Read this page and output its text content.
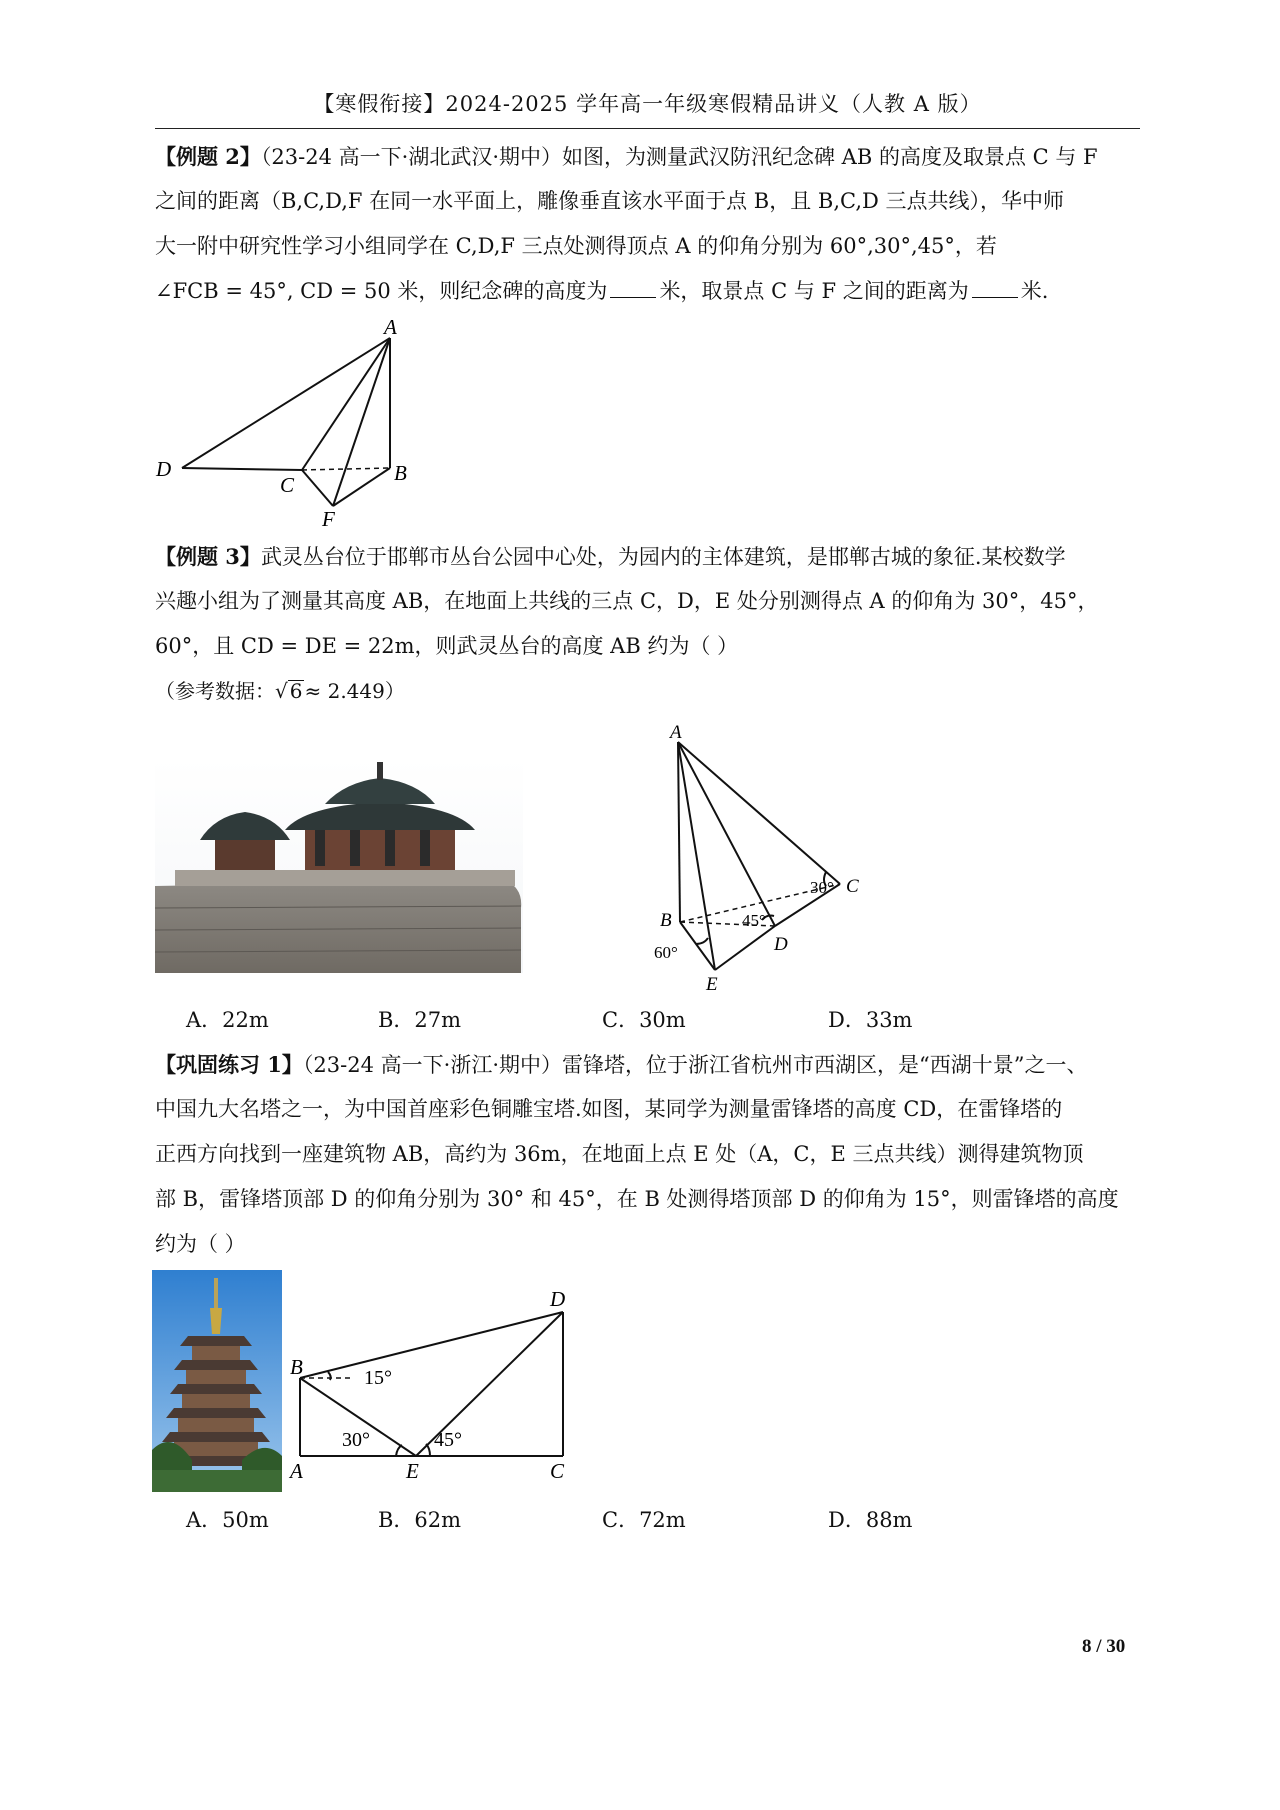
【寒假衔接】2024-2025 学年高一年级寒假精品讲义（人教 A 版）
【例题 2】（23-24 高一下·湖北武汉·期中）如图，为测量武汉防汛纪念碑 AB 的高度及取景点 C 与 F
之间的距离（B,C,D,F 在同一水平面上，雕像垂直该水平面于点 B，且 B,C,D 三点共线），华中师
大一附中研究性学习小组同学在 C,D,F 三点处测得顶点 A 的仰角分别为 60°,30°,45°，若
∠FCB = 45°, CD = 50 米，则纪念碑的高度为 米，取景点 C 与 F 之间的距离为 米.
A
D
C	B
F
【例题 3】武灵丛台位于邯郸市丛台公园中心处，为园内的主体建筑，是邯郸古城的象征.某校数学
兴趣小组为了测量其高度 AB，在地面上共线的三点 C，D，E 处分别测得点 A 的仰角为 30°，45°，
60°，且 CD = DE = 22m，则武灵丛台的高度 AB 约为（ ）
（参考数据：√ 6 ≈ 2.449）
A
B
C
D
E
30°
45°
60°
A．22m	B．27m	C．30m	D．33m
【巩固练习 1】（23-24 高一下·浙江·期中）雷锋塔，位于浙江省杭州市西湖区，是“西湖十景”之一、
中国九大名塔之一，为中国首座彩色铜雕宝塔.如图，某同学为测量雷锋塔的高度 CD，在雷锋塔的
正西方向找到一座建筑物 AB，高约为 36m，在地面上点 E 处（A，C，E 三点共线）测得建筑物顶
部 B，雷锋塔顶部 D 的仰角分别为 30° 和 45°，在 B 处测得塔顶部 D 的仰角为 15°，则雷锋塔的高度
约为（ ）
B
A	E	C
D
15°
30°	45°
A．50m	B．62m	C．72m	D．88m
8 / 30
